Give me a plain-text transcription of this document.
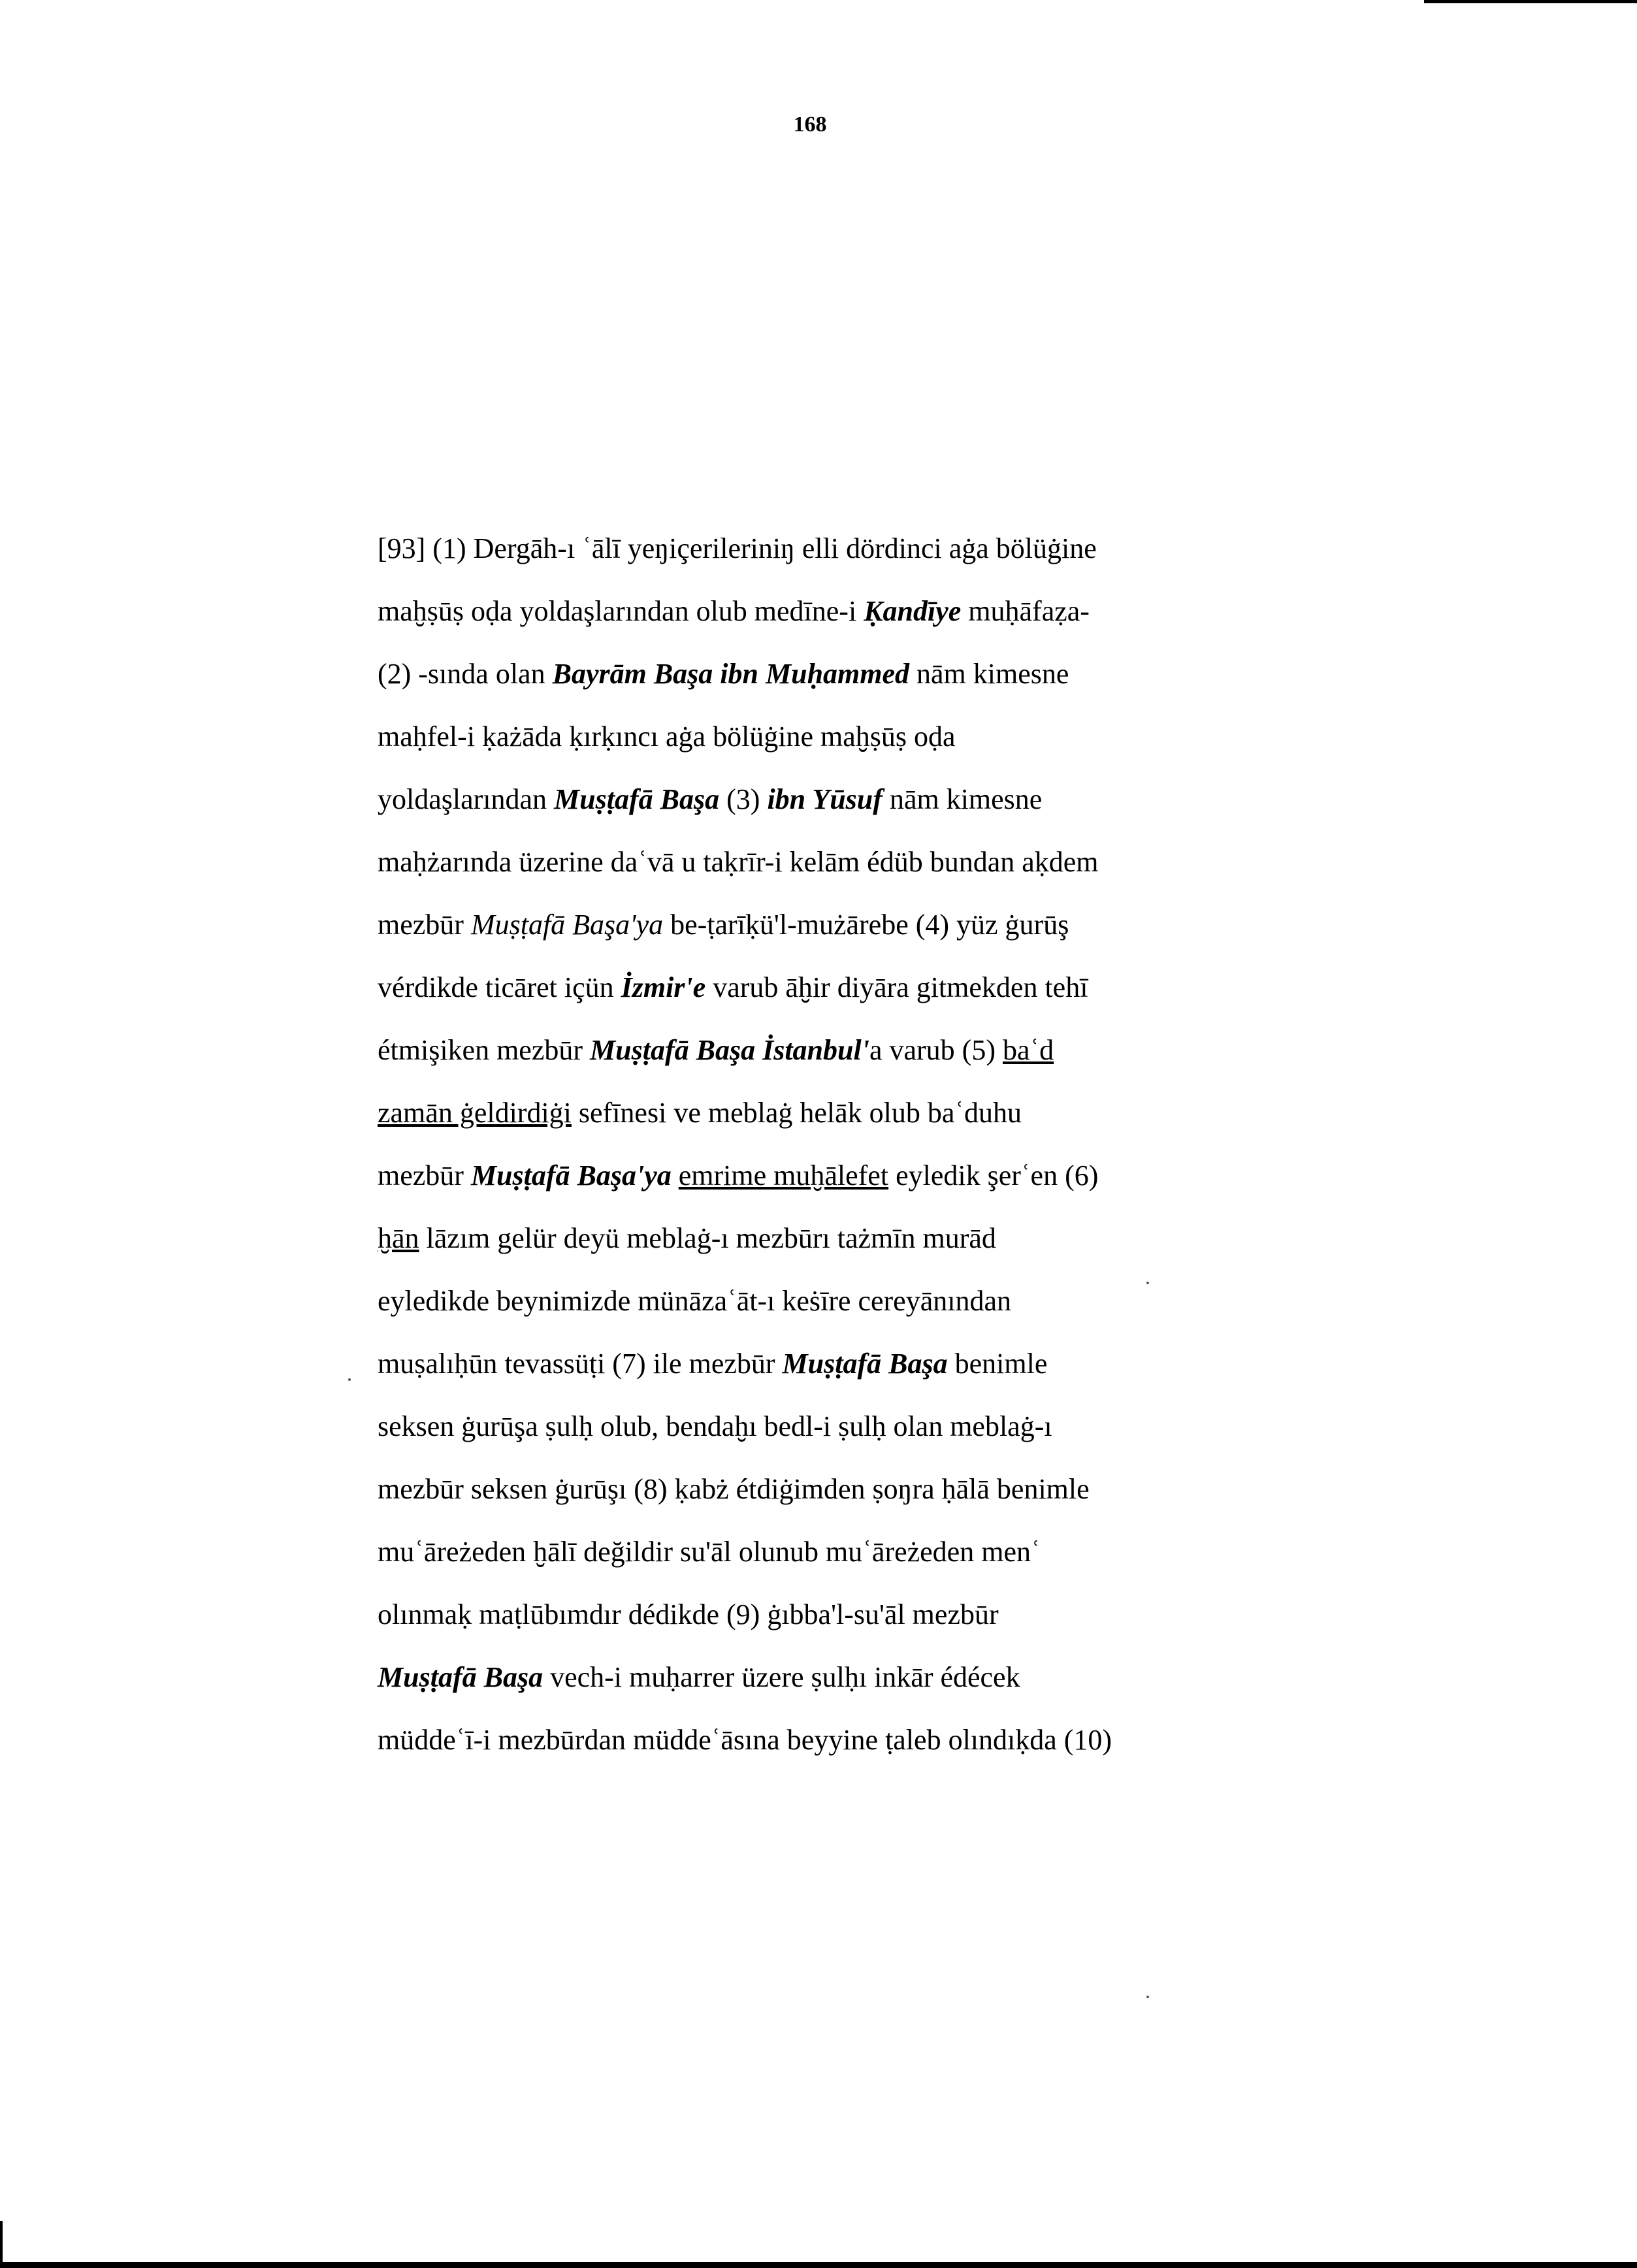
168
[93] (1) Dergāh-ı ʿālī yeŋiçerileriniŋ elli dördinci aġa bölüġine
maḫṣūṣ oḍa yoldaşlarından olub medīne-i Ḳandīye muḥāfaẓa-
(2) -sında olan Bayrām Başa ibn Muḥammed nām kimesne
maḥfel-i ḳażāda ḳırḳıncı aġa bölüġine maḫṣūṣ oḍa
yoldaşlarından Muṣṭafā Başa (3) ibn Yūsuf nām kimesne
maḥżarında üzerine daʿvā u taḳrīr-i kelām édüb bundan aḳdem
mezbūr Muṣṭafā Başa'ya be-ṭarīḳü'l-mużārebe (4) yüz ġurūş
vérdikde ticāret içün İzmir'e varub āḫir diyāra gitmekden tehī
étmişiken mezbūr Muṣṭafā Başa İstanbul'a varub (5) baʿd
zamān ġeldirdiġi sefīnesi ve meblaġ helāk olub baʿduhu
mezbūr Muṣṭafā Başa'ya emrime muḫālefet eyledik şerʿen (6)
ḫān lāzım gelür deyü meblaġ-ı mezbūrı tażmīn murād
eyledikde beynimizde münāzaʿāt-ı keṡīre cereyānından
muṣalıḥūn tevassüṭi (7) ile mezbūr Muṣṭafā Başa benimle
seksen ġurūşa ṣulḥ olub, bendaḫı bedl-i ṣulḥ olan meblaġ-ı
mezbūr seksen ġurūşı (8) ḳabż étdiġimden ṣoŋra ḥālā benimle
muʿāreżeden ḫālī değildir su'āl olunub muʿāreżeden menʿ
olınmaḳ maṭlūbımdır dédikde (9) ġıbba'l-su'āl mezbūr
Muṣṭafā Başa vech-i muḥarrer üzere ṣulḥı inkār édécek
müddeʿī-i mezbūrdan müddeʿāsına beyyine ṭaleb olındıḳda (10)
